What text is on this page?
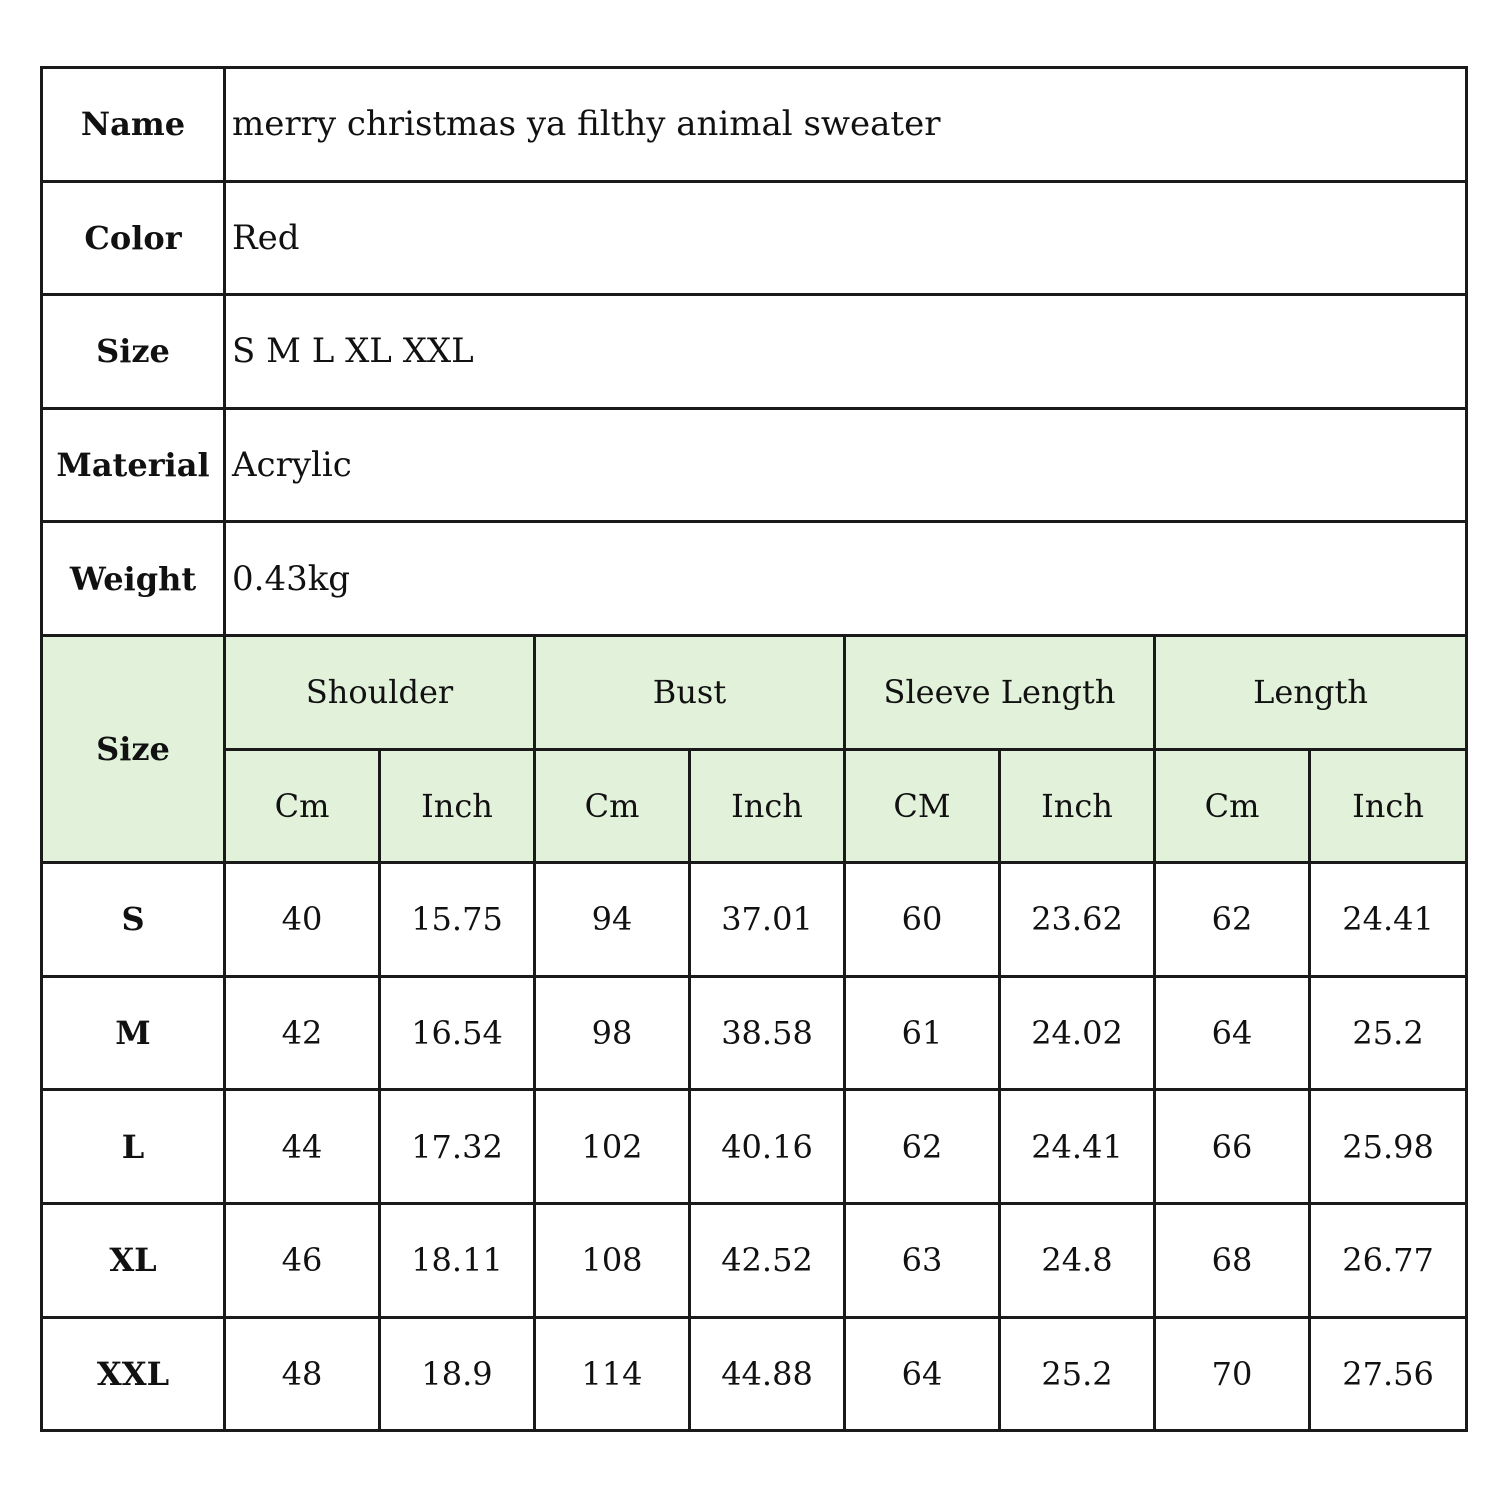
Name	merry christmas ya filthy animal sweater							
Color	Red							
Size	S M L XL XXL							
Material	Acrylic							
Weight	0.43kg							
Size	Shoulder		Bust		Sleeve Length		Length	
	Cm	Inch	Cm	Inch	CM	Inch	Cm	Inch
S	40	15.75	94	37.01	60	23.62	62	24.41
M	42	16.54	98	38.58	61	24.02	64	25.2
L	44	17.32	102	40.16	62	24.41	66	25.98
XL	46	18.11	108	42.52	63	24.8	68	26.77
XXL	48	18.9	114	44.88	64	25.2	70	27.56
